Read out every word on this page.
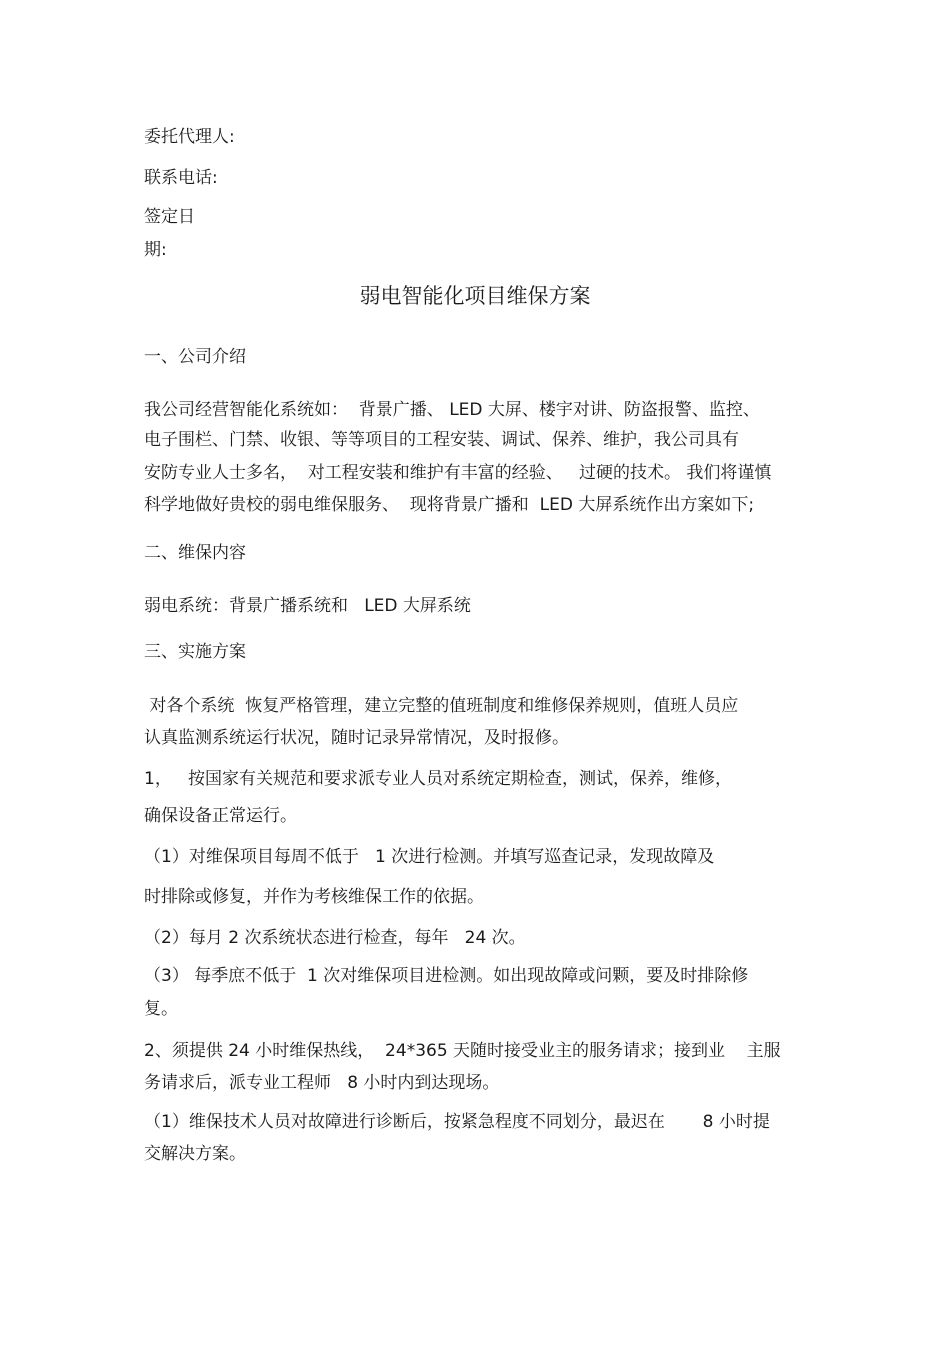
委托代理人:

联系电话:

签定日

期:

弱电智能化项目维保方案

一、公司介绍

我公司经营智能化系统如：  背景广播、 LED 大屏、楼宇对讲、防盗报警、监控、

电子围栏、门禁、收银、等等项目的工程安装、调试、保养、维护，我公司具有

安防专业人士多名，  对工程安装和维护有丰富的经验、   过硬的技术。 我们将谨慎

科学地做好贵校的弱电维保服务、  现将背景广播和  LED 大屏系统作出方案如下;

二、维保内容

弱电系统：背景广播系统和   LED 大屏系统

三、实施方案

对各个系统  恢复严格管理，建立完整的值班制度和维修保养规则，值班人员应

认真监测系统运行状况，随时记录异常情况，及时报修。

1，   按国家有关规范和要求派专业人员对系统定期检查，测试，保养，维修，

确保设备正常运行。

（1）对维保项目每周不低于   1 次进行检测。并填写巡查记录，发现故障及

时排除或修复，并作为考核维保工作的依据。

（2）每月 2 次系统状态进行检查，每年   24 次。

（3） 每季庶不低于  1 次对维保项目进检测。如出现故障或问颗，要及时排除修

复。

2、须提供 24 小时维保热线，  24*365 天随时接受业主的服务请求；接到业    主服

务请求后，派专业工程师   8 小时内到达现场。

（1）维保技术人员对故障进行诊断后，按紧急程度不同划分，最迟在       8 小时提

交解决方案。
